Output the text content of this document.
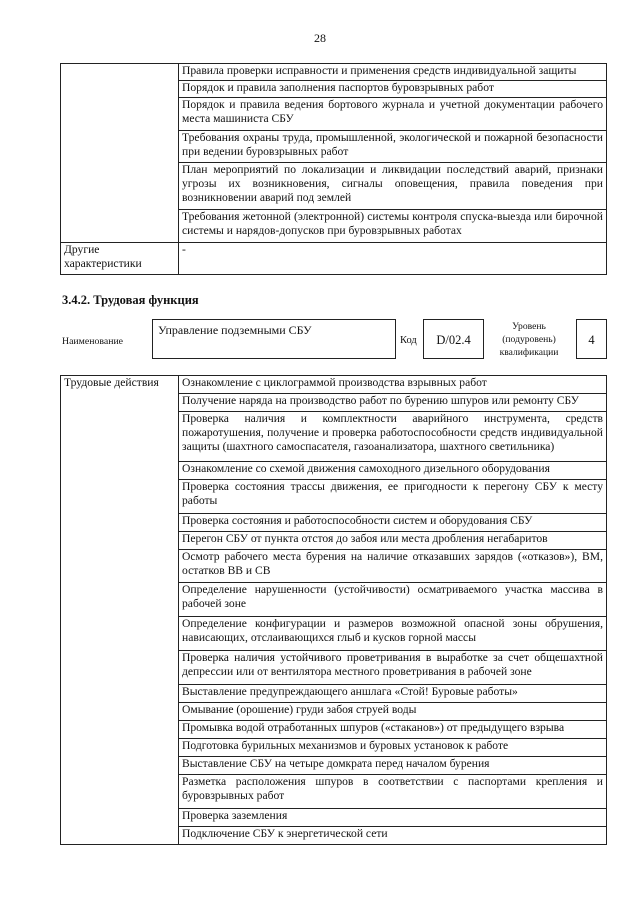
28
	Правила проверки исправности и применения средств индивидуальной защиты
	Порядок и правила заполнения паспортов буровзрывных работ
	Порядок и правила ведения бортового журнала и учетной документации рабочего места машиниста СБУ
	Требования охраны труда, промышленной, экологической и пожарной безопасности при ведении буровзрывных работ
	План мероприятий по локализации и ликвидации последствий аварий, признаки угрозы их возникновения, сигналы оповещения, правила поведения при возникновении аварий под землей
	Требования жетонной (электронной) системы контроля спуска-выезда или бирочной системы и нарядов-допусков при буровзрывных работах
Другие характеристики	-
3.4.2. Трудовая функция
Наименование
Управление подземными СБУ
Код	D/02.4
Уровень
(подуровень)
квалификации
4
Трудовые действия	Ознакомление с циклограммой производства взрывных работ
Получение наряда на производство работ по бурению шпуров или ремонту СБУ
Проверка наличия и комплектности аварийного инструмента, средств пожаротушения, получение и проверка работоспособности средств индивидуальной защиты (шахтного самоспасателя, газоанализатора, шахтного светильника)
Ознакомление со схемой движения самоходного дизельного оборудования
Проверка состояния трассы движения, ее пригодности к перегону СБУ к месту работы
Проверка состояния и работоспособности систем и оборудования СБУ
Перегон СБУ от пункта отстоя до забоя или места дробления негабаритов
Осмотр рабочего места бурения на наличие отказавших зарядов («отказов»), ВМ, остатков ВВ и СВ
Определение нарушенности (устойчивости) осматриваемого участка массива в рабочей зоне
Определение конфигурации и размеров возможной опасной зоны обрушения, нависающих, отслаивающихся глыб и кусков горной массы
Проверка наличия устойчивого проветривания в выработке за счет общешахтной депрессии или от вентилятора местного проветривания в рабочей зоне
Выставление предупреждающего аншлага «Стой! Буровые работы»
Омывание (орошение) груди забоя струей воды
Промывка водой отработанных шпуров («стаканов») от предыдущего взрыва
Подготовка бурильных механизмов и буровых установок к работе
Выставление СБУ на четыре домкрата перед началом бурения
Разметка расположения шпуров в соответствии с паспортами крепления и буровзрывных работ
Проверка заземления
Подключение СБУ к энергетической сети
